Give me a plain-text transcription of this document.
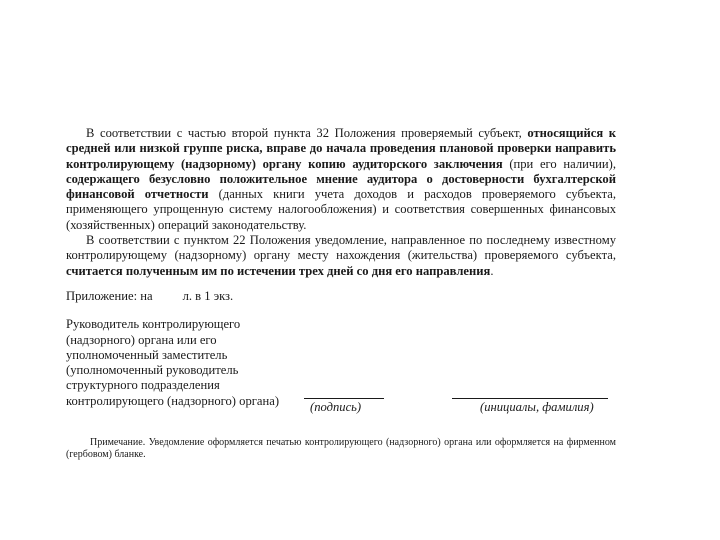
В соответствии с частью второй пункта 32 Положения проверяемый субъект, относящийся к средней или низкой группе риска, вправе до начала проведения плановой проверки направить контролирующему (надзорному) органу копию аудиторского заключения (при его наличии), содержащего безусловно положительное мнение аудитора о достоверности бухгалтерской финансовой отчетности (данных книги учета доходов и расходов проверяемого субъекта, применяющего упрощенную систему налогообложения) и соответствия совершенных финансовых (хозяйственных) операций законодательству.

В соответствии с пунктом 22 Положения уведомление, направленное по последнему известному контролирующему (надзорному) органу месту нахождения (жительства) проверяемого субъекта, считается полученным им по истечении трех дней со дня его направления.

Приложение: на л. в 1 экз.
Руководитель контролирующего
(надзорного) органа или его
уполномоченный заместитель
(уполномоченный руководитель
структурного подразделения
контролирующего (надзорного) органа)	(подпись)	(инициалы, фамилия)

Примечание. Уведомление оформляется печатью контролирующего (надзорного) органа или оформляется на фирменном (гербовом) бланке.
